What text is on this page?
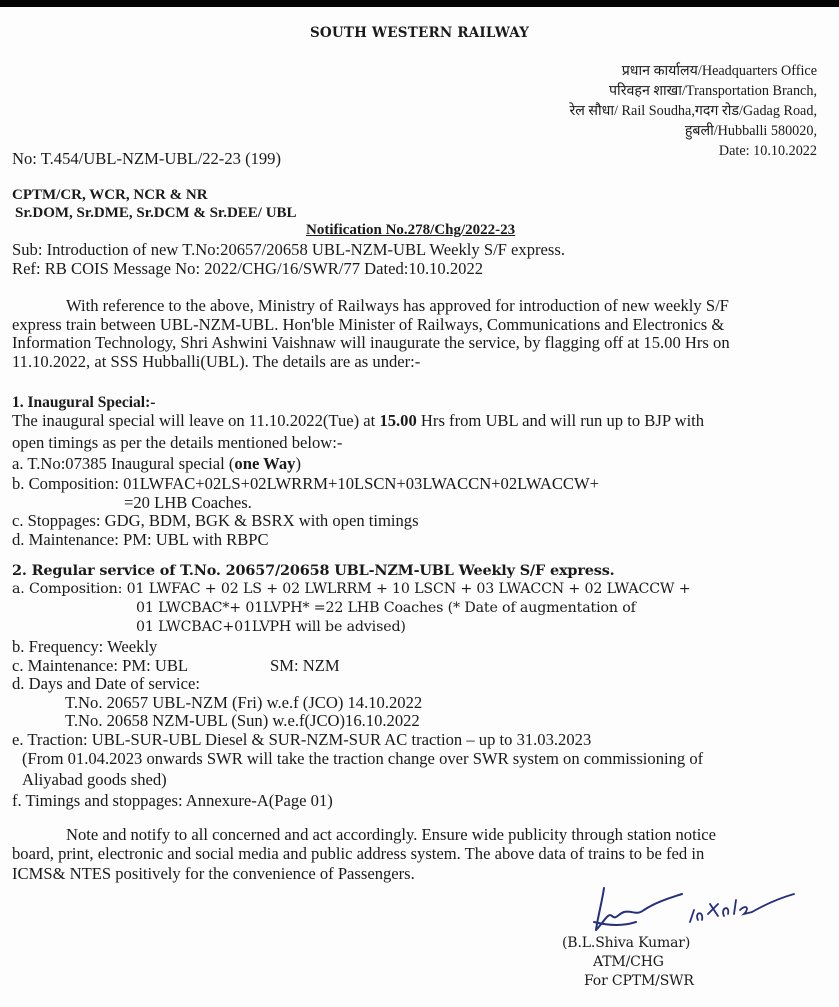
SOUTH WESTERN RAILWAY
प्रधान कार्यालय/Headquarters Office
परिवहन शाखा/Transportation Branch,
रेल सौधा/ Rail Soudha,गदग रोड/Gadag Road,
हुबली/Hubballi 580020,
Date: 10.10.2022
No: T.454/UBL-NZM-UBL/22-23 (199)
CPTM/CR, WCR, NCR & NR
Sr.DOM, Sr.DME, Sr.DCM & Sr.DEE/ UBL
Notification No.278/Chg/2022-23
Sub: Introduction of new T.No:20657/20658 UBL-NZM-UBL Weekly S/F express.
Ref: RB COIS Message No: 2022/CHG/16/SWR/77 Dated:10.10.2022
With reference to the above, Ministry of Railways has approved for introduction of new weekly S/F
express train between UBL-NZM-UBL. Hon'ble Minister of Railways, Communications and Electronics &
Information Technology, Shri Ashwini Vaishnaw will inaugurate the service, by flagging off at 15.00 Hrs on
11.10.2022, at SSS Hubballi(UBL). The details are as under:-
1. Inaugural Special:-
The inaugural special will leave on 11.10.2022(Tue) at 15.00 Hrs from UBL and will run up to BJP with
open timings as per the details mentioned below:-
a. T.No:07385 Inaugural special (one Way)
b. Composition: 01LWFAC+02LS+02LWRRM+10LSCN+03LWACCN+02LWACCW+
=20 LHB Coaches.
c. Stoppages: GDG, BDM, BGK & BSRX with open timings
d. Maintenance: PM: UBL with RBPC
2. Regular service of T.No. 20657/20658 UBL-NZM-UBL Weekly S/F express.
a. Composition: 01 LWFAC + 02 LS + 02 LWLRRM + 10 LSCN + 03 LWACCN + 02 LWACCW +
01 LWCBAC*+ 01LVPH* =22 LHB Coaches (* Date of augmentation of
01 LWCBAC+01LVPH will be advised)
b. Frequency: Weekly
c. Maintenance: PM: UBL	SM: NZM
d. Days and Date of service:
T.No. 20657 UBL-NZM (Fri) w.e.f (JCO) 14.10.2022
T.No. 20658 NZM-UBL (Sun) w.e.f(JCO)16.10.2022
e. Traction: UBL-SUR-UBL Diesel & SUR-NZM-SUR AC traction – up to 31.03.2023
(From 01.04.2023 onwards SWR will take the traction change over SWR system on commissioning of
Aliyabad goods shed)
f. Timings and stoppages: Annexure-A(Page 01)
Note and notify to all concerned and act accordingly. Ensure wide publicity through station notice
board, print, electronic and social media and public address system. The above data of trains to be fed in
ICMS& NTES positively for the convenience of Passengers.
(B.L.Shiva Kumar)
ATM/CHG
For CPTM/SWR
